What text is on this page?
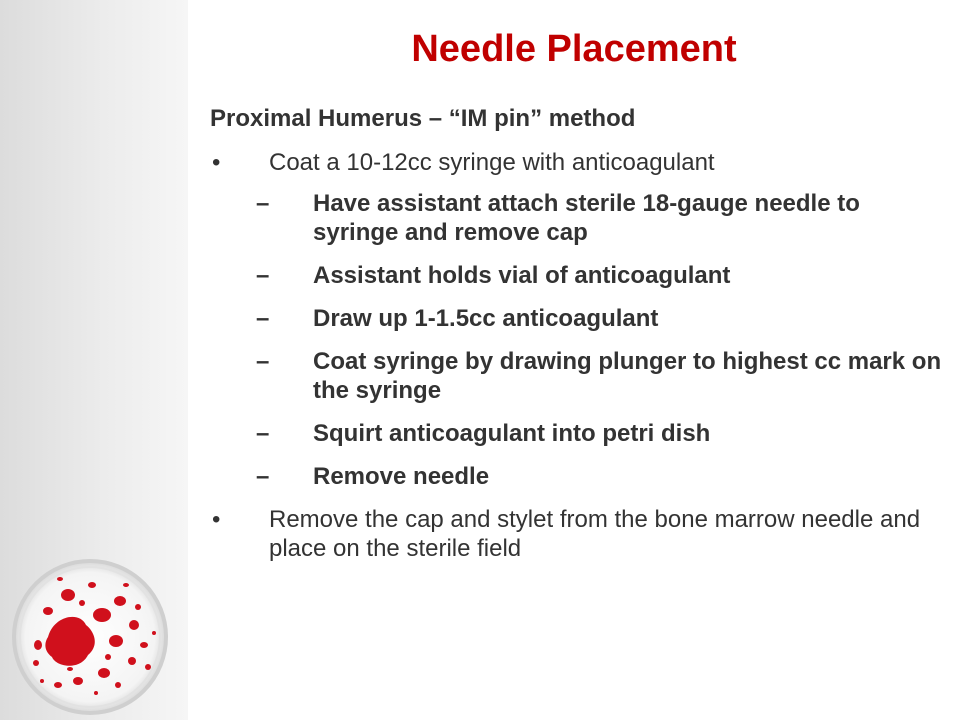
Needle Placement

Proximal Humerus – “IM pin” method

•	Coat a 10-12cc syringe with anticoagulant
–	Have assistant attach sterile 18-gauge needle to syringe and remove cap
–	Assistant holds vial of anticoagulant
–	Draw up 1-1.5cc anticoagulant
–	Coat syringe by drawing plunger to highest cc mark on the syringe
–	Squirt anticoagulant into petri dish
–	Remove needle
•	Remove the cap and stylet from the bone marrow needle and place on the sterile field
